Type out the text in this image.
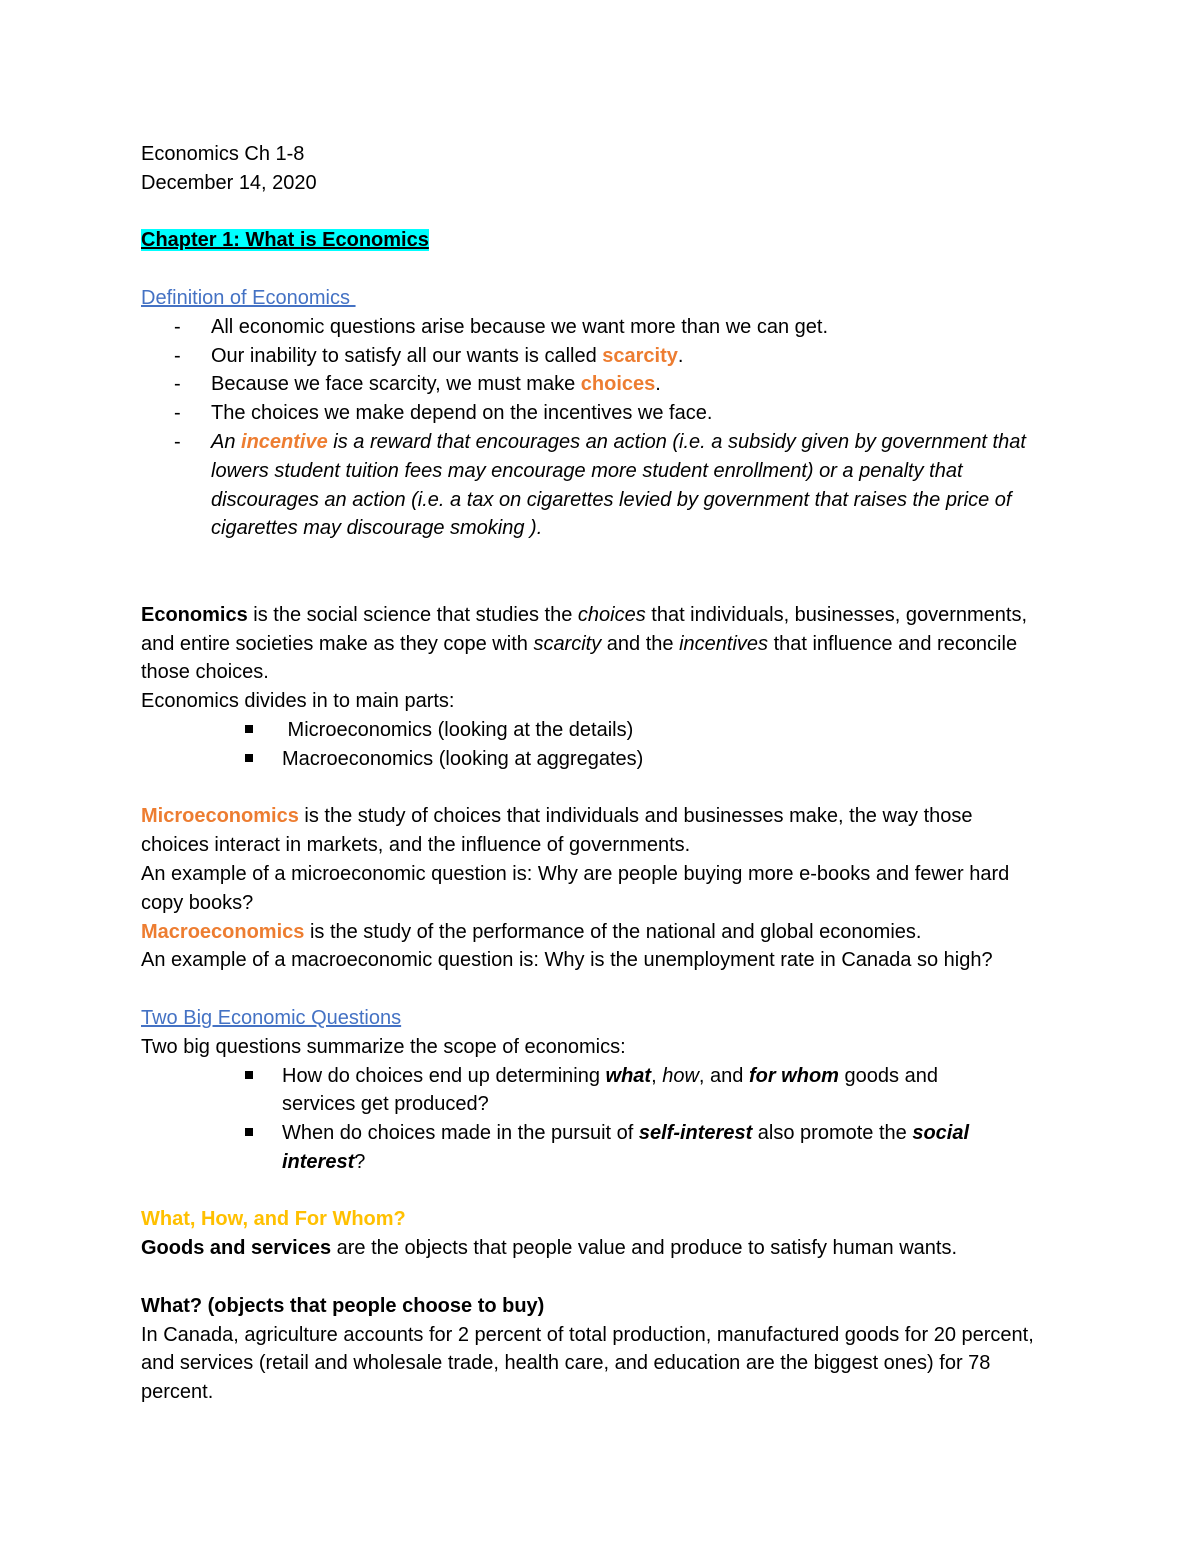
Economics Ch 1-8
December 14, 2020
Chapter 1: What is Economics
Definition of Economics
- All economic questions arise because we want more than we can get.
- Our inability to satisfy all our wants is called scarcity.
- Because we face scarcity, we must make choices.
- The choices we make depend on the incentives we face.
- An incentive is a reward that encourages an action (i.e. a subsidy given by government that lowers student tuition fees may encourage more student enrollment) or a penalty that discourages an action (i.e. a tax on cigarettes levied by government that raises the price of cigarettes may discourage smoking ).
Economics is the social science that studies the choices that individuals, businesses, governments, and entire societies make as they cope with scarcity and the incentives that influence and reconcile those choices.
Economics divides in to main parts:
Microeconomics (looking at the details)
Macroeconomics (looking at aggregates)
Microeconomics is the study of choices that individuals and businesses make, the way those choices interact in markets, and the influence of governments.
An example of a microeconomic question is: Why are people buying more e-books and fewer hard copy books?
Macroeconomics is the study of the performance of the national and global economies.
An example of a macroeconomic question is: Why is the unemployment rate in Canada so high?
Two Big Economic Questions
Two big questions summarize the scope of economics:
How do choices end up determining what, how, and for whom goods and services get produced?
When do choices made in the pursuit of self-interest also promote the social interest?
What, How, and For Whom?
Goods and services are the objects that people value and produce to satisfy human wants.
What? (objects that people choose to buy)
In Canada, agriculture accounts for 2 percent of total production, manufactured goods for 20 percent, and services (retail and wholesale trade, health care, and education are the biggest ones) for 78 percent.
